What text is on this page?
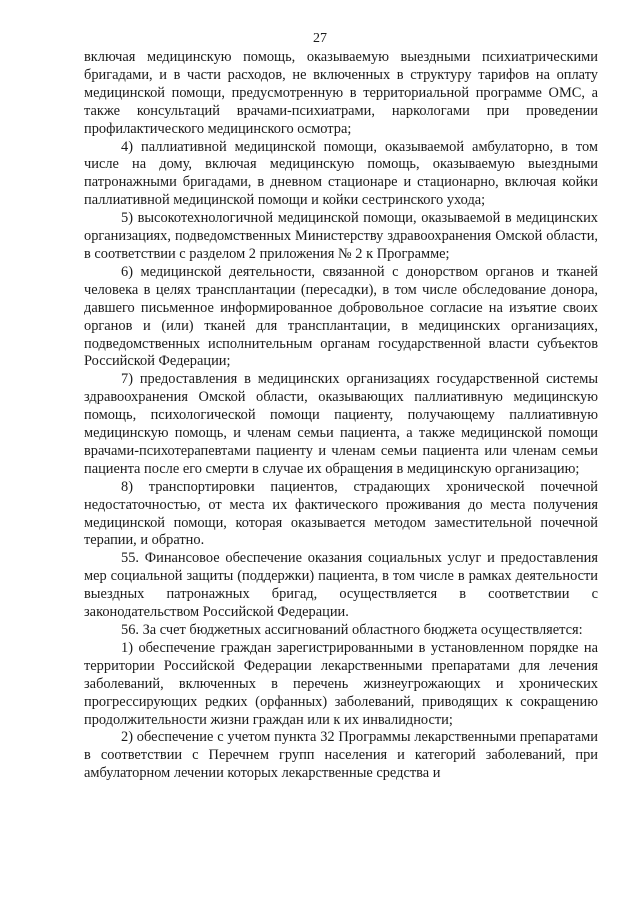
27

включая медицинскую помощь, оказываемую выездными психиатрическими бригадами, и в части расходов, не включенных в структуру тарифов на оплату медицинской помощи, предусмотренную в территориальной программе ОМС, а также консультаций врачами-психиатрами, наркологами при проведении профилактического медицинского осмотра;

4) паллиативной медицинской помощи, оказываемой амбулаторно, в том числе на дому, включая медицинскую помощь, оказываемую выездными патронажными бригадами, в дневном стационаре и стационарно, включая койки паллиативной медицинской помощи и койки сестринского ухода;

5) высокотехнологичной медицинской помощи, оказываемой в медицинских организациях, подведомственных Министерству здравоохранения Омской области, в соответствии с разделом 2 приложения № 2 к Программе;

6) медицинской деятельности, связанной с донорством органов и тканей человека в целях трансплантации (пересадки), в том числе обследование донора, давшего письменное информированное добровольное согласие на изъятие своих органов и (или) тканей для трансплантации, в медицинских организациях, подведомственных исполнительным органам государственной власти субъектов Российской Федерации;

7) предоставления в медицинских организациях государственной системы здравоохранения Омской области, оказывающих паллиативную медицинскую помощь, психологической помощи пациенту, получающему паллиативную медицинскую помощь, и членам семьи пациента, а также медицинской помощи врачами-психотерапевтами пациенту и членам семьи пациента или членам семьи пациента после его смерти в случае их обращения в медицинскую организацию;

8) транспортировки пациентов, страдающих хронической почечной недостаточностью, от места их фактического проживания до места получения медицинской помощи, которая оказывается методом заместительной почечной терапии, и обратно.

55. Финансовое обеспечение оказания социальных услуг и предоставления мер социальной защиты (поддержки) пациента, в том числе в рамках деятельности выездных патронажных бригад, осуществляется в соответствии с законодательством Российской Федерации.

56. За счет бюджетных ассигнований областного бюджета осуществляется:

1) обеспечение граждан зарегистрированными в установленном порядке на территории Российской Федерации лекарственными препаратами для лечения заболеваний, включенных в перечень жизнеугрожающих и хронических прогрессирующих редких (орфанных) заболеваний, приводящих к сокращению продолжительности жизни граждан или к их инвалидности;

2) обеспечение с учетом пункта 32 Программы лекарственными препаратами в соответствии с Перечнем групп населения и категорий заболеваний, при амбулаторном лечении которых лекарственные средства и
